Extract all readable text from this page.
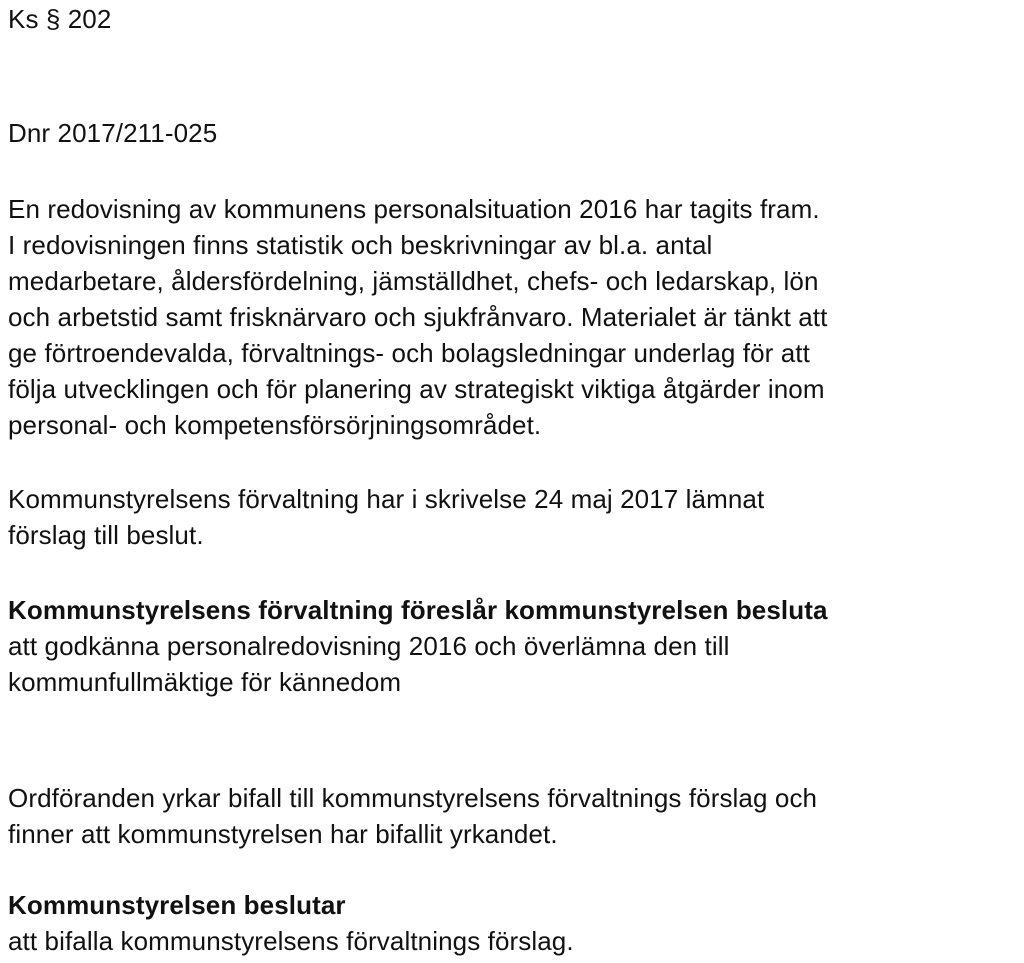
Ks § 202
Dnr 2017/211-025
En redovisning av kommunens personalsituation 2016 har tagits fram.
I redovisningen finns statistik och beskrivningar av bl.a. antal
medarbetare, åldersfördelning, jämställdhet, chefs- och ledarskap, lön
och arbetstid samt frisknärvaro och sjukfrånvaro. Materialet är tänkt att
ge förtroendevalda, förvaltnings- och bolagsledningar underlag för att
följa utvecklingen och för planering av strategiskt viktiga åtgärder inom
personal- och kompetensförsörjningsområdet.
Kommunstyrelsens förvaltning har i skrivelse 24 maj 2017 lämnat
förslag till beslut.
Kommunstyrelsens förvaltning föreslår kommunstyrelsen besluta
att godkänna personalredovisning 2016 och överlämna den till
kommunfullmäktige för kännedom
Ordföranden yrkar bifall till kommunstyrelsens förvaltnings förslag och
finner att kommunstyrelsen har bifallit yrkandet.
Kommunstyrelsen beslutar
att bifalla kommunstyrelsens förvaltnings förslag.
